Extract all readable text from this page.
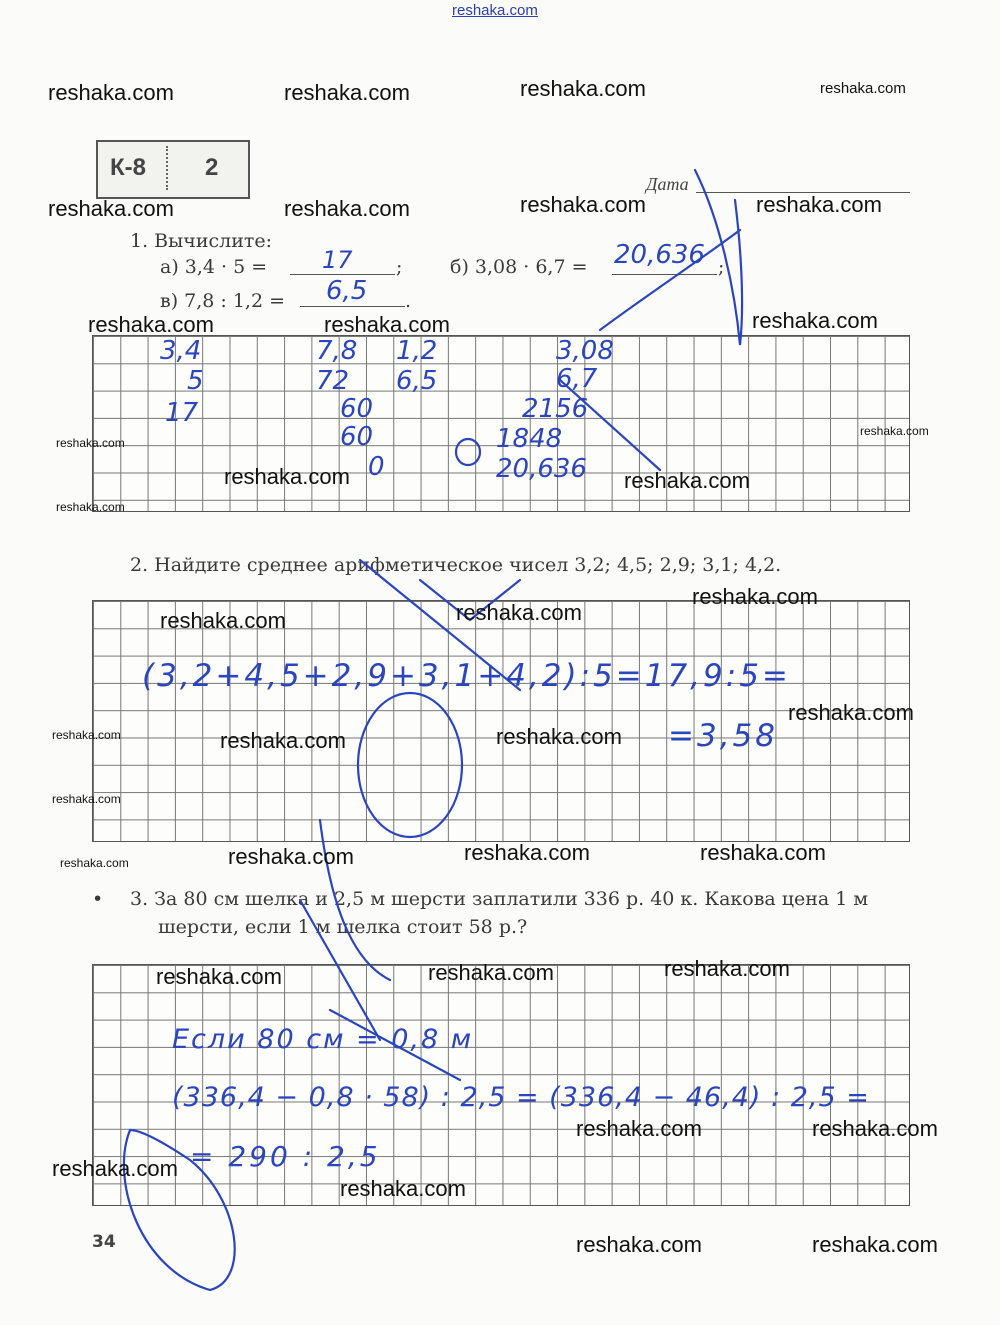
reshaka.com
К-8 2
Дата
1. Вычислите:
а) 3,4 · 5 = 17 ;	б) 3,08 · 6,7 = 20,636 ;
в) 7,8 : 1,2 = 6,5 .
3,4
5
17
7,8 1,2
72 6,5
60
60
0
3,08
6,7
2156
1848
20,636
2. Найдите среднее арифметическое чисел 3,2; 4,5; 2,9; 3,1; 4,2.
(3,2+4,5+2,9+3,1+4,2):5=17,9:5=
=3,58
• 3. За 80 см шелка и 2,5 м шерсти заплатили 336 р. 40 к. Какова цена 1 м
шерсти, если 1 м шелка стоит 58 р.?
Если 80 см = 0,8 м
(336,4 − 0,8 · 58) : 2,5 = (336,4 − 46,4) : 2,5 =
= 290 : 2,5
34
reshaka.com	reshaka.com	reshaka.com	reshaka.com
reshaka.com	reshaka.com	reshaka.com	reshaka.com
reshaka.com	reshaka.com	reshaka.com
reshaka.com
reshaka.com
reshaka.com	reshaka.com
reshaka.com
reshaka.com
reshaka.com
reshaka.com
reshaka.com
reshaka.com	reshaka.com	reshaka.com
reshaka.com
reshaka.com	reshaka.com
reshaka.com
reshaka.com
reshaka.com
reshaka.com
reshaka.com
reshaka.com	reshaka.com
reshaka.com
reshaka.com
reshaka.com	reshaka.com
